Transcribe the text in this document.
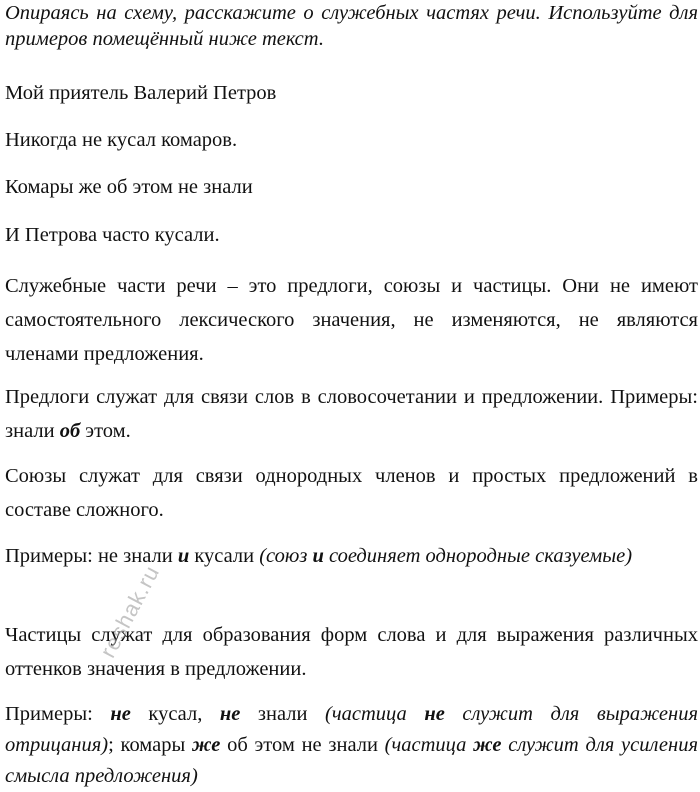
Опираясь на схему, расскажите о служебных частях речи. Используйте для примеров помещённый ниже текст.

Мой приятель Валерий Петров

Никогда не кусал комаров.

Комары же об этом не знали

И Петрова часто кусали.

Служебные части речи – это предлоги, союзы и частицы. Они не имеют самостоятельного лексического значения, не изменяются, не являются членами предложения.

Предлоги служат для связи слов в словосочетании и предложении. Примеры: знали об этом.

Союзы служат для связи однородных членов и простых предложений в составе сложного.

Примеры: не знали и кусали (союз и соединяет однородные сказуемые)

Частицы служат для образования форм слова и для выражения различных оттенков значения в предложении.

Примеры: не кусал, не знали (частица не служит для выражения отрицания); комары же об этом не знали (частица же служит для усиления смысла предложения)

reshak.ru
